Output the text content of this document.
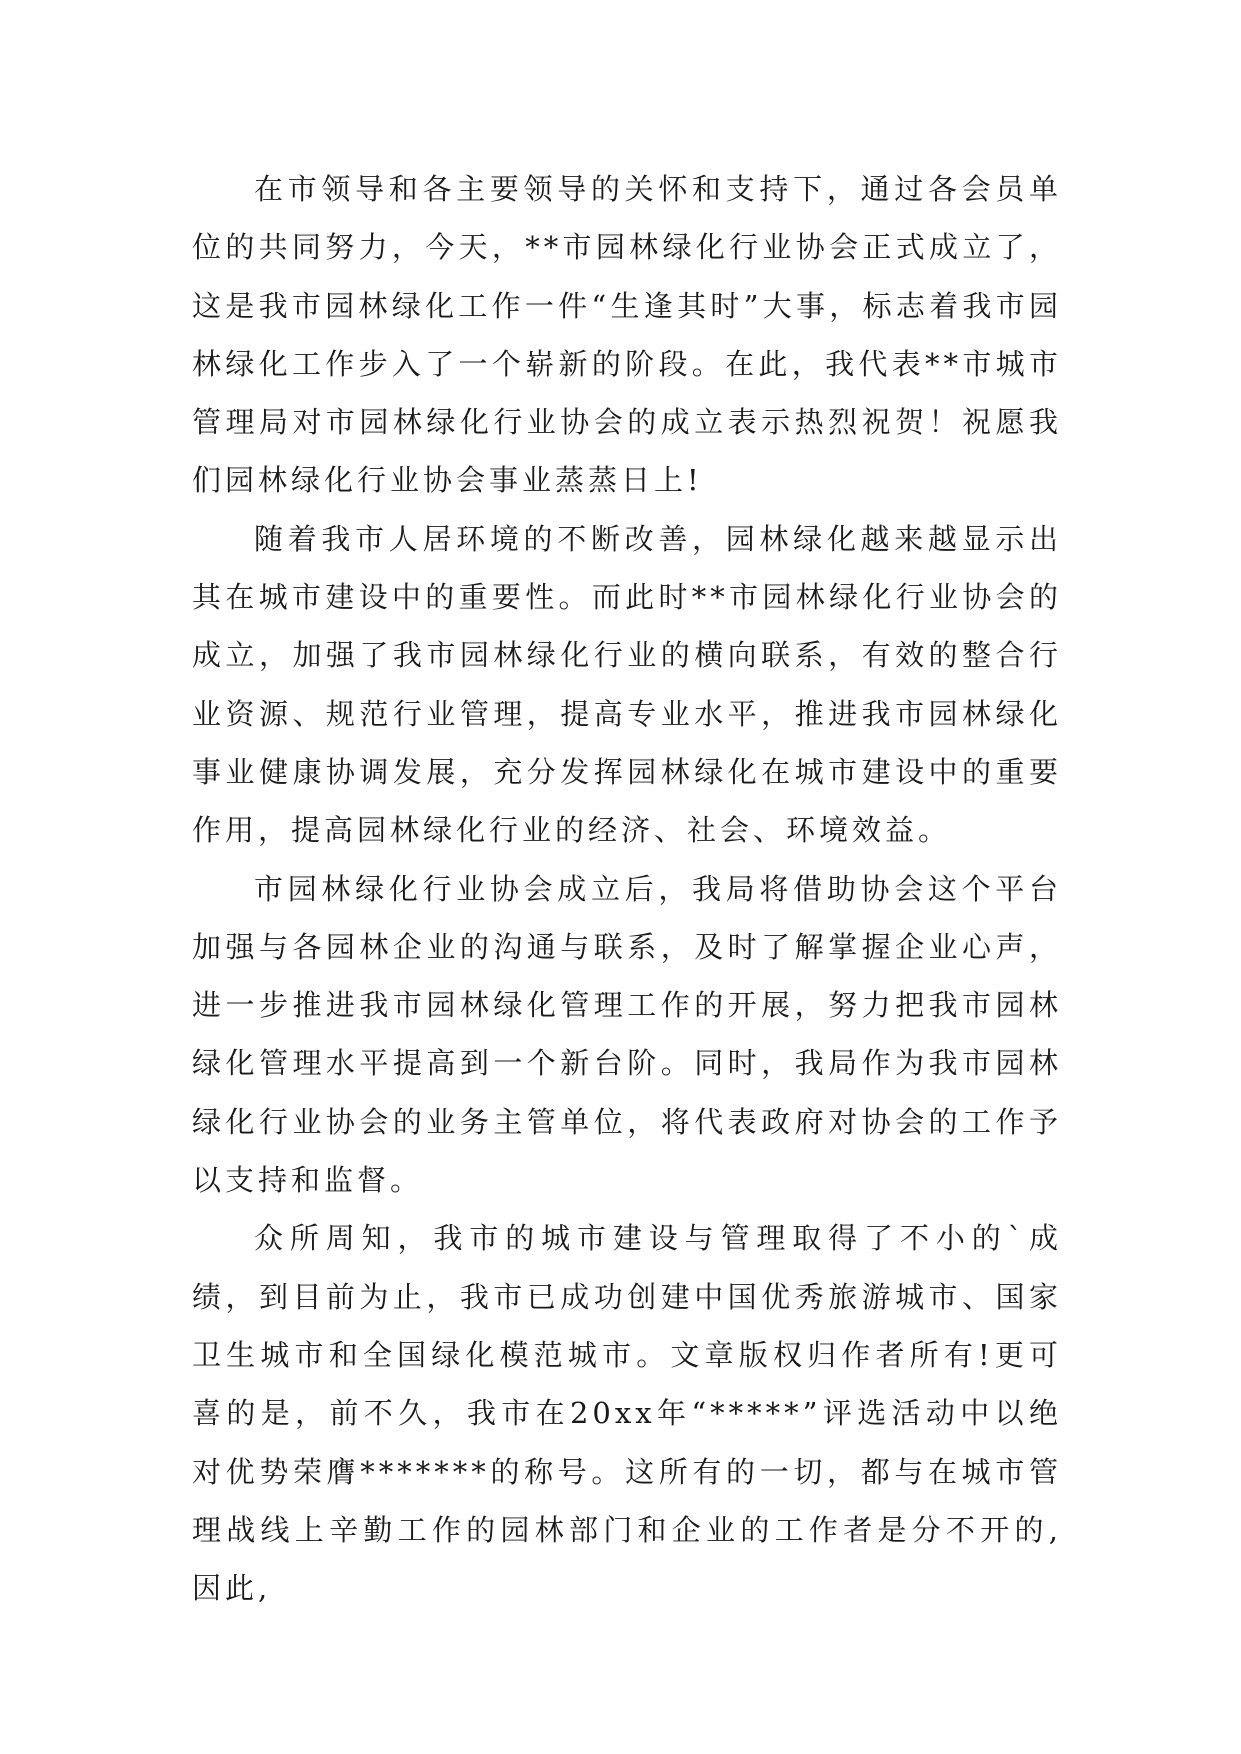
在市领导和各主要领导的关怀和支持下，通过各会员单位的共同努力，今天，**市园林绿化行业协会正式成立了，这是我市园林绿化工作一件“生逢其时”大事，标志着我市园林绿化工作步入了一个崭新的阶段。在此，我代表**市城市管理局对市园林绿化行业协会的成立表示热烈祝贺！祝愿我们园林绿化行业协会事业蒸蒸日上!

随着我市人居环境的不断改善，园林绿化越来越显示出其在城市建设中的重要性。而此时**市园林绿化行业协会的成立，加强了我市园林绿化行业的横向联系，有效的整合行业资源、规范行业管理，提高专业水平，推进我市园林绿化事业健康协调发展，充分发挥园林绿化在城市建设中的重要作用，提高园林绿化行业的经济、社会、环境效益。

市园林绿化行业协会成立后，我局将借助协会这个平台加强与各园林企业的沟通与联系，及时了解掌握企业心声，进一步推进我市园林绿化管理工作的开展，努力把我市园林绿化管理水平提高到一个新台阶。同时，我局作为我市园林绿化行业协会的业务主管单位，将代表政府对协会的工作予以支持和监督。

众所周知，我市的城市建设与管理取得了不小的`成绩，到目前为止，我市已成功创建中国优秀旅游城市、国家卫生城市和全国绿化模范城市。文章版权归作者所有!更可喜的是，前不久，我市在20xx年“*****”评选活动中以绝对优势荣膺*******的称号。这所有的一切，都与在城市管理战线上辛勤工作的园林部门和企业的工作者是分不开的,因此,
